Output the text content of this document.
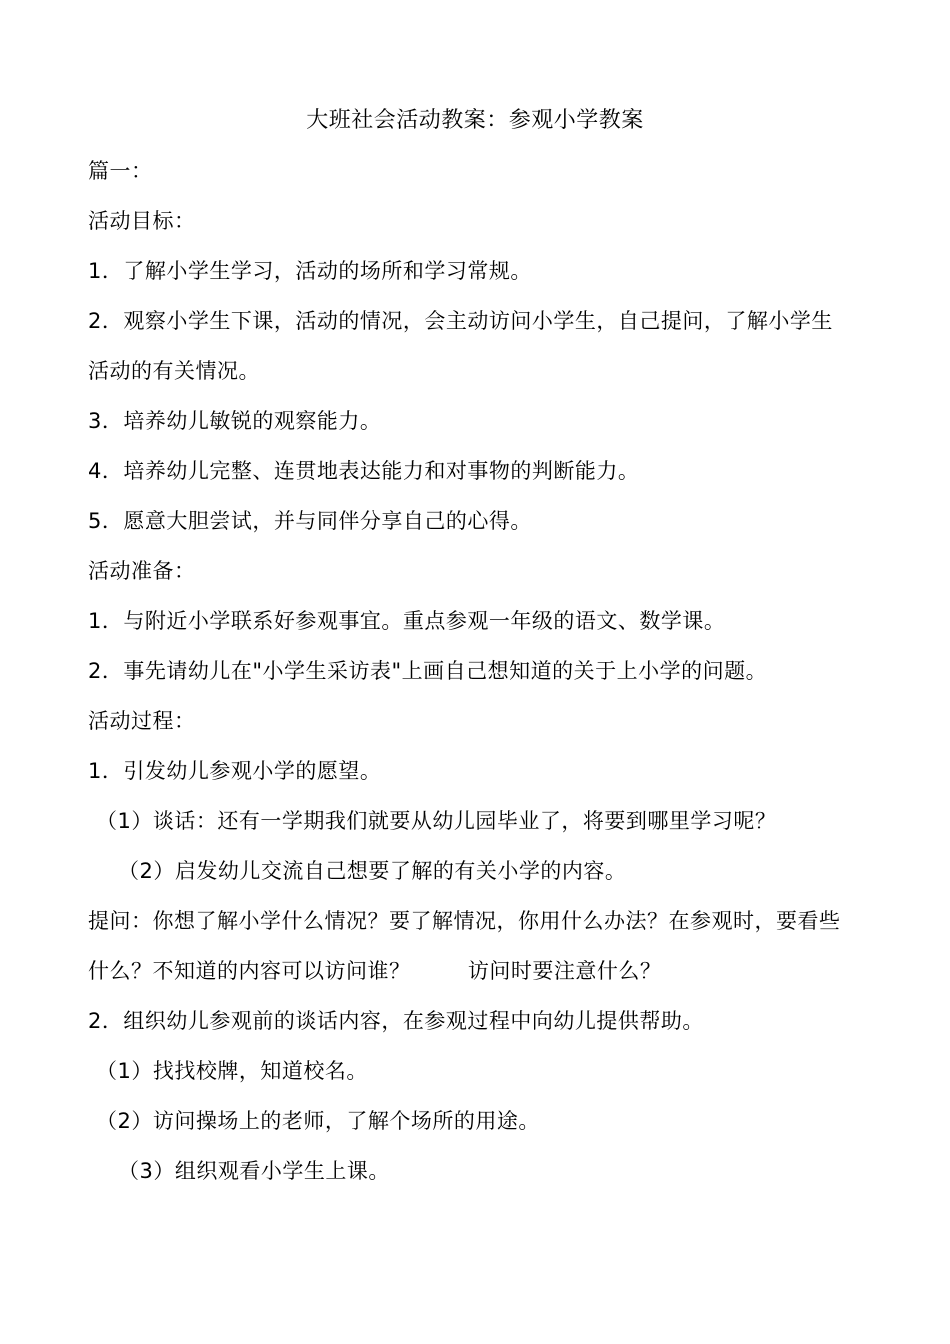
大班社会活动教案：参观小学教案
篇一：
活动目标：
1．了解小学生学习，活动的场所和学习常规。
2．观察小学生下课，活动的情况，会主动访问小学生，自己提问，了解小学生
活动的有关情况。
3．培养幼儿敏锐的观察能力。
4．培养幼儿完整、连贯地表达能力和对事物的判断能力。
5．愿意大胆尝试，并与同伴分享自己的心得。
活动准备：
1．与附近小学联系好参观事宜。重点参观一年级的语文、数学课。
2．事先请幼儿在"小学生采访表"上画自己想知道的关于上小学的问题。
活动过程：
1．引发幼儿参观小学的愿望。
（1）谈话：还有一学期我们就要从幼儿园毕业了，将要到哪里学习呢？
（2）启发幼儿交流自己想要了解的有关小学的内容。
提问：你想了解小学什么情况？要了解情况，你用什么办法？在参观时，要看些
什么？不知道的内容可以访问谁？        访问时要注意什么？
2．组织幼儿参观前的谈话内容，在参观过程中向幼儿提供帮助。
（1）找找校牌，知道校名。
（2）访问操场上的老师，了解个场所的用途。
（3）组织观看小学生上课。
